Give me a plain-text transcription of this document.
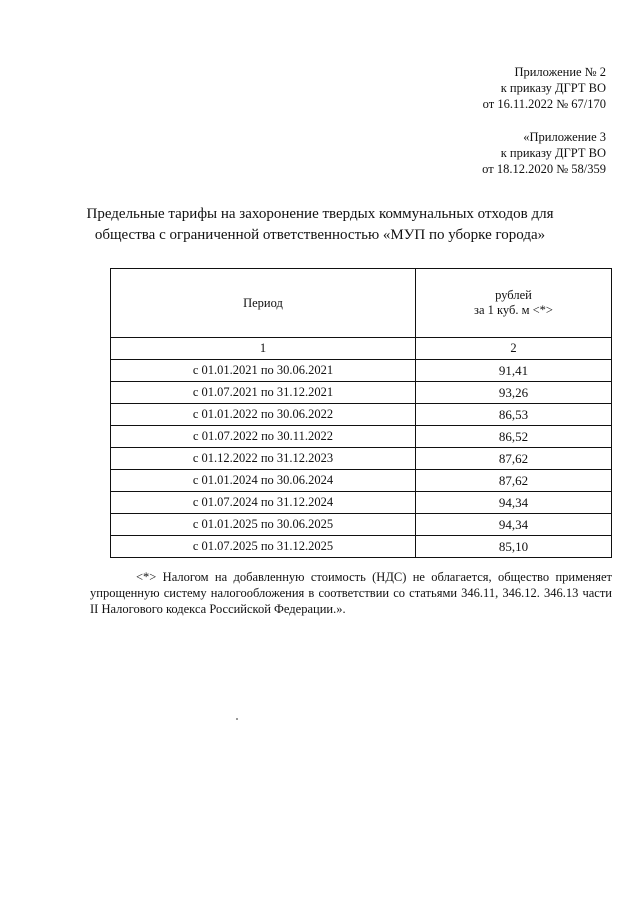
Приложение № 2
к приказу ДГРТ ВО
от 16.11.2022 № 67/170
«Приложение 3
к приказу ДГРТ ВО
от 18.12.2020 № 58/359
Предельные тарифы на захоронение твердых коммунальных отходов для
общества с ограниченной ответственностью «МУП по уборке города»
Период	рублей
за 1 куб. м <*>

1	2
с 01.01.2021 по 30.06.2021	91,41
с 01.07.2021 по 31.12.2021	93,26
с 01.01.2022 по 30.06.2022	86,53
с 01.07.2022 по 30.11.2022	86,52
с 01.12.2022 по 31.12.2023	87,62
с 01.01.2024 по 30.06.2024	87,62
с 01.07.2024 по 31.12.2024	94,34
с 01.01.2025 по 30.06.2025	94,34
с 01.07.2025 по 31.12.2025	85,10

<*> Налогом на добавленную стоимость (НДС) не облагается, общество применяет упрощенную систему налогообложения в соответствии со статьями 346.11, 346.12. 346.13 части II Налогового кодекса Российской Федерации.».
